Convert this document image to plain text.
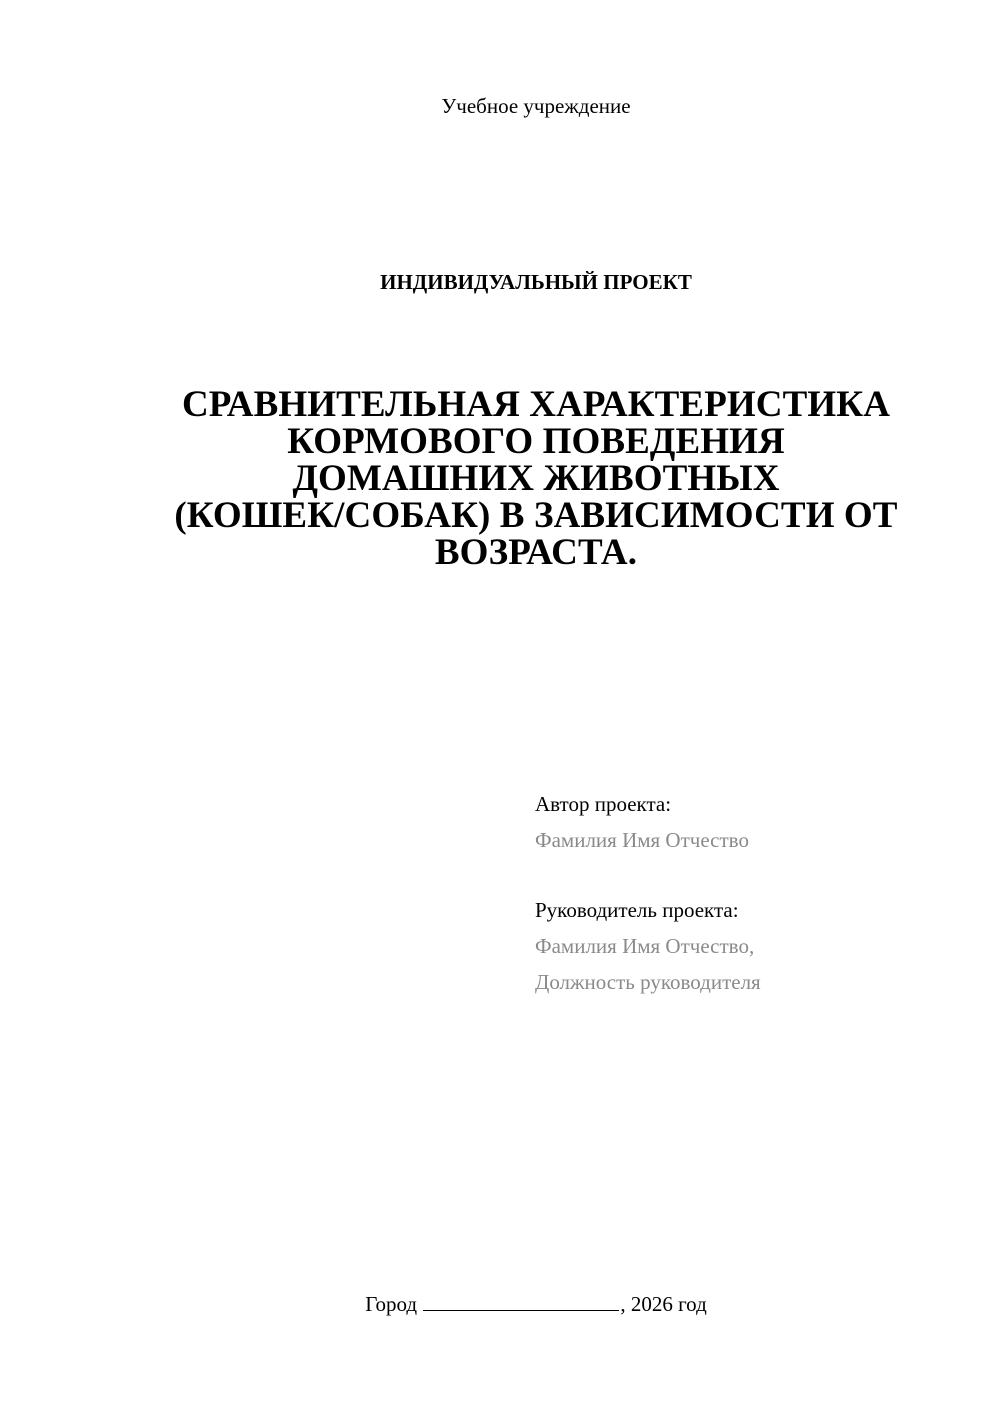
Учебное учреждение
ИНДИВИДУАЛЬНЫЙ ПРОЕКТ
СРАВНИТЕЛЬНАЯ ХАРАКТЕРИСТИКА
КОРМОВОГО ПОВЕДЕНИЯ
ДОМАШНИХ ЖИВОТНЫХ
(КОШЕК/СОБАК) В ЗАВИСИМОСТИ ОТ
ВОЗРАСТА.
Автор проекта:
Фамилия Имя Отчество
Руководитель проекта:
Фамилия Имя Отчество,
Должность руководителя
Город	, 2026 год
